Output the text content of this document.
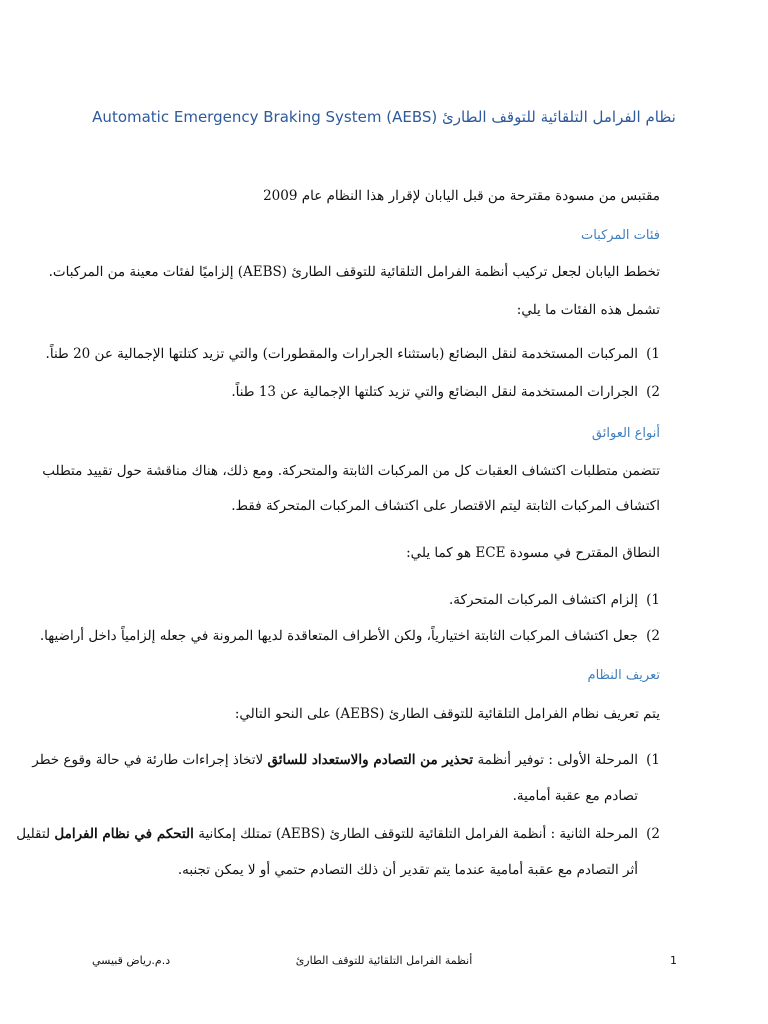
Automatic Emergency Braking System (AEBS) نظام الفرامل التلقائية للتوقف الطارئ
مقتبس من مسودة مقترحة من قبل اليابان لإقرار هذا النظام عام 2009
فئات المركبات
تخطط اليابان لجعل تركيب أنظمة الفرامل التلقائية للتوقف الطارئ (AEBS) إلزاميًا لفئات معينة من المركبات.
تشمل هذه الفئات ما يلي:
1)المركبات المستخدمة لنقل البضائع (باستثناء الجرارات والمقطورات) والتي تزيد كتلتها الإجمالية عن 20 طناً.
2)الجرارات المستخدمة لنقل البضائع والتي تزيد كتلتها الإجمالية عن 13 طناً.
أنواع العوائق
تتضمن متطلبات اكتشاف العقبات كل من المركبات الثابتة والمتحركة. ومع ذلك، هناك مناقشة حول تقييد متطلب
اكتشاف المركبات الثابتة ليتم الاقتصار على اكتشاف المركبات المتحركة فقط.
النطاق المقترح في مسودة ECE هو كما يلي:
1)إلزام اكتشاف المركبات المتحركة.
2)جعل اكتشاف المركبات الثابتة اختيارياً، ولكن الأطراف المتعاقدة لديها المرونة في جعله إلزامياً داخل أراضيها.
تعريف النظام
يتم تعريف نظام الفرامل التلقائية للتوقف الطارئ (AEBS) على النحو التالي:
1)المرحلة الأولى : توفير أنظمة تحذير من التصادم والاستعداد للسائق لاتخاذ إجراءات طارئة في حالة وقوع خطر
تصادم مع عقبة أمامية.
2)المرحلة الثانية : أنظمة الفرامل التلقائية للتوقف الطارئ (AEBS) تمتلك إمكانية التحكم في نظام الفرامل لتقليل
أثر التصادم مع عقبة أمامية عندما يتم تقدير أن ذلك التصادم حتمي أو لا يمكن تجنبه.
1
أنظمة الفرامل التلقائية للتوقف الطارئ
د.م.رياض قبيسي
